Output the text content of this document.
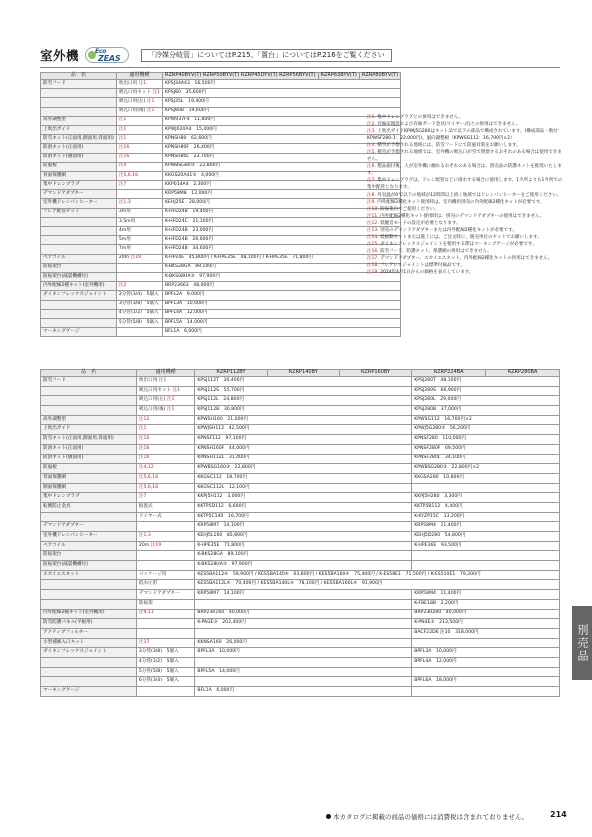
室外機	Eco
ZEAS	「冷媒分岐管」についてはP.215、「置台」についてはP.216をご覧ください
品　名	適用機種	RZRP40BYV(T) RZRP50BYV(T) RZRP45DYV(T) RZRP56BYV(T)	RZRP63BYV(T)	RZRP80BYV(T)
防雪フード	吹出口用 注1	KPSJ34A43　16,500円		
	吸込口用セット 注1	KPSJ80　35,600円		
	吸込口用(左) 注1	KPSJ35L　19,400円		
	吸込口用(後) 注1	KPSJ80B　19,600円		
高外調整型	注1	KPW937F4　11,800円		
上吹出ガイド	注1	KPWJ020A4　15,400円		
防雪ネット(正面用,側面用,背面用)	注1	KPNSH80　62,600円		
防滑ネット(正面用)	注16	KPNSH80F　26,400円		
防滑ネット(側面用)	注16	KPNSH80L　23,700円		
防風板	注4	KPWBSG80③　22,800円		
背面保護網	注5,6,16	KKGS20A41③　4,000円		
集中ドレンプラグ	注7	KKP014A4　2,300円		
デマンドアダプター		KRP58M8　12,000円		
室外機ドレンパンヒーター	注1,3	KEHJ25E　28,000円		
フレア配管セット	3m用	K-HFD24B　19,400円		
	3.5m用	K-HFD24C　21,100円		
	4m用	K-HFD24B　23,000円		
	5m用	K-HFD24B　26,600円		
	7m用	K-HFD24B　34,600円		
ペアコイル	20m 注19	K-HP24E　45,800円 / K-HPE35E　48,100円 / K-HPE35E　71,800円		
防振架台		K-BKS28GA　89,100円		
防振架台(減震機構付)		K-BKS08HA③　97,900円		
内外配線2種キット(室外機用)	注2	BRP23663　48,000円		
ダイキンフレックスジョイント	2分管(3/4)　5個入	BPFL2A　9,000円		
	3分管(3/8)　5個入	BPFL3A　10,000円		
	4分管(1/2)　5個入	BPFL4A　12,000円		
	5分管(5/8)　5個入	BPFL5A　14,000円		
マーキングゲージ		BFL1A　6,000円		

注1. 集中ドレンプラグとの併用はできません。

注2. 有線床埋設および有線ガード金具(ワイヤー式)との併用はできません。

注3. 上吹出ガイドKPWJ5G280はキット品で以下の部品で構成されています。(構成部品・数付：KPWSF280-1：22,000円)、風向調整板（KPWSG112：16,700円×2）

注4. 積雪が予想される地域には、防雪フードにて防風対策をお願いします。

注5. 積雪が予想される地域では、室外機の吸込口が雪で閉塞するおそれのある場合は使用できません。

注6. 製品据付後、人が室外機に触れるおそれのある場合は、別売品の防護ネットを推奨いたします。

注7. 集中ドレンプラグは、ドレン配管などに排水する場合に使用します。1カ所よりも1カ所での集中配管となります。

注8. 外気温が0℃以下の地域が12時間以上続く地域ではドレンパンヒーターをご使用ください。

注9. 内外配線2種化キット使用時は、室内機用別売の内外配線2種化キットが必要です。

注10. 防振架台でご使用ください。

注11. 内外配線2種化キット使用時は、別売のデマンドアダプターの使用はできません。

注12. 低騒音モードの設定が必要となります。

注13. 別売のデマンドアダプターまたは内外配線2種化キットが必要です。

注14. 低振動キットまたは施工には、ご注文時に、販売単位のセットでお願いします。

注15. ダイキンフレックスジョイントを使用する際はマーキングゲージが必要です。

注16. 防雪フード、防護ネット、保護網の併用はできません。

注17. デマンドアダプター、スカイエスネット、内外配線2種化キットの併用はできません。

注18. フレアレスジョイントは標準付属品です。

注19. 2024年4月1日からの価格を表示しています。

品　名	適用機種	RZRP112BY	RZRP140BY	RZRP160BY	RZRP224BA	RZRP280BA
防雪フード	吹出口用 注1	KPSJ112T　30,400円			KPSJ280T　48,100円	
	吸込口用セット 注1	KPSJ112S　55,700円			KPSJ280S　66,900円	
	吸込口用(左) 注1	KPSJ112L　24,800円			KPSJ280L　29,000円	
	吸込口用(後) 注1	KPSJ112B　30,800円			KPSJ280B　37,000円	
高外調整型	注12	KPWSH160　21,000円			KPWSG112　16,700円×2	
上吹出ガイド	注1	KPWJSH112　42,500円			KPWJ5G280③　56,200円	
防雪ネット(正面用,側面用,背面用)	注16	KPNSF112　97,100円			KPNSF280　110,000円	
防滑ネット(正面用)	注16	KPNSH160F　44,000円			KPNSF280F　69,500円	
防滑ネット(側面用)	注16	KPNSH112L　31,400円			KPNSF280L　34,100円	
防風板	注4,12	KPWBSG160③　22,800円			KPWBSG280③　22,800円×2	
背面保護網	注5,6,16	KKGSC112　18,700円			KKGSA280　10,800円	
側面保護網	注5,6,16	KKGSC112L　12,100円				
集中ドレンプラグ	注7	KKPJ5H112　3,000円			KKPJ5H280　3,300円	
転倒防止金具	据置式	KKTP5D112　6,600円			KKTP5B112　4,400円	
	ワイヤー式	KKTP5C140　16,700円			K-KYZP15C　13,200円	
デマンドアダプター		KRP58M7　14,100円			KRP58M4　11,400円	
室外機ドレンパンヒーター	注1,3	KEHJ5L160　85,800円			KEHJ5D280　54,800円	
ペアコイル	20m 注19	K-HPE35E　71,800円			K-HPE36E　93,500円	
防振架台		K-BKS28GA　89,100円				
防振架台(減震機構付)		K-BKS28HA③　97,900円				
スカイエスネット	パッケージ用	KES5BA112④　59,900円 / KES5BA140④　63,800円 / KES5BA160④　75,400円 / K-ES58E1　71,500円 / K-ES510E1　79,200円				
	低水圧形	KES5BA112L④　70,400円 / KES5BA140L④　78,100円 / KES5BA160L④　91,900円				
	デマンドアダプター	KRP58M7　14,100円			KRP58M4　11,400円	
	防振架				K-FBE18B　2,200円	
内外配線2種キット(室外機用)	注9,11	BRP23R160　40,000円			BRP23R280　40,000円	
防雪防護パネル(平板用)		K-PN3E③　202,400円			K-PN4E③　213,500円	
アクティブフィルター					BACF22D6 注10　318,000円	
小型補修入口キット	注17	KKNSA160　26,000円				
ダイキンフレックスジョイント	3分管(3/8)　5個入	BPFL3A　10,000円			BPFL3A　10,000円	
	4分管(1/2)　5個入				BPFL4A　12,000円	
	5分管(5/8)　5個入	BPFL5A　14,000円				
	6分管(3/4)　5個入				BPFL6A　18,000円	
マーキングゲージ		BFL1A　6,000円				
別売品
本カタログに掲載の商品の価格には消費税は含まれておりません。	214
